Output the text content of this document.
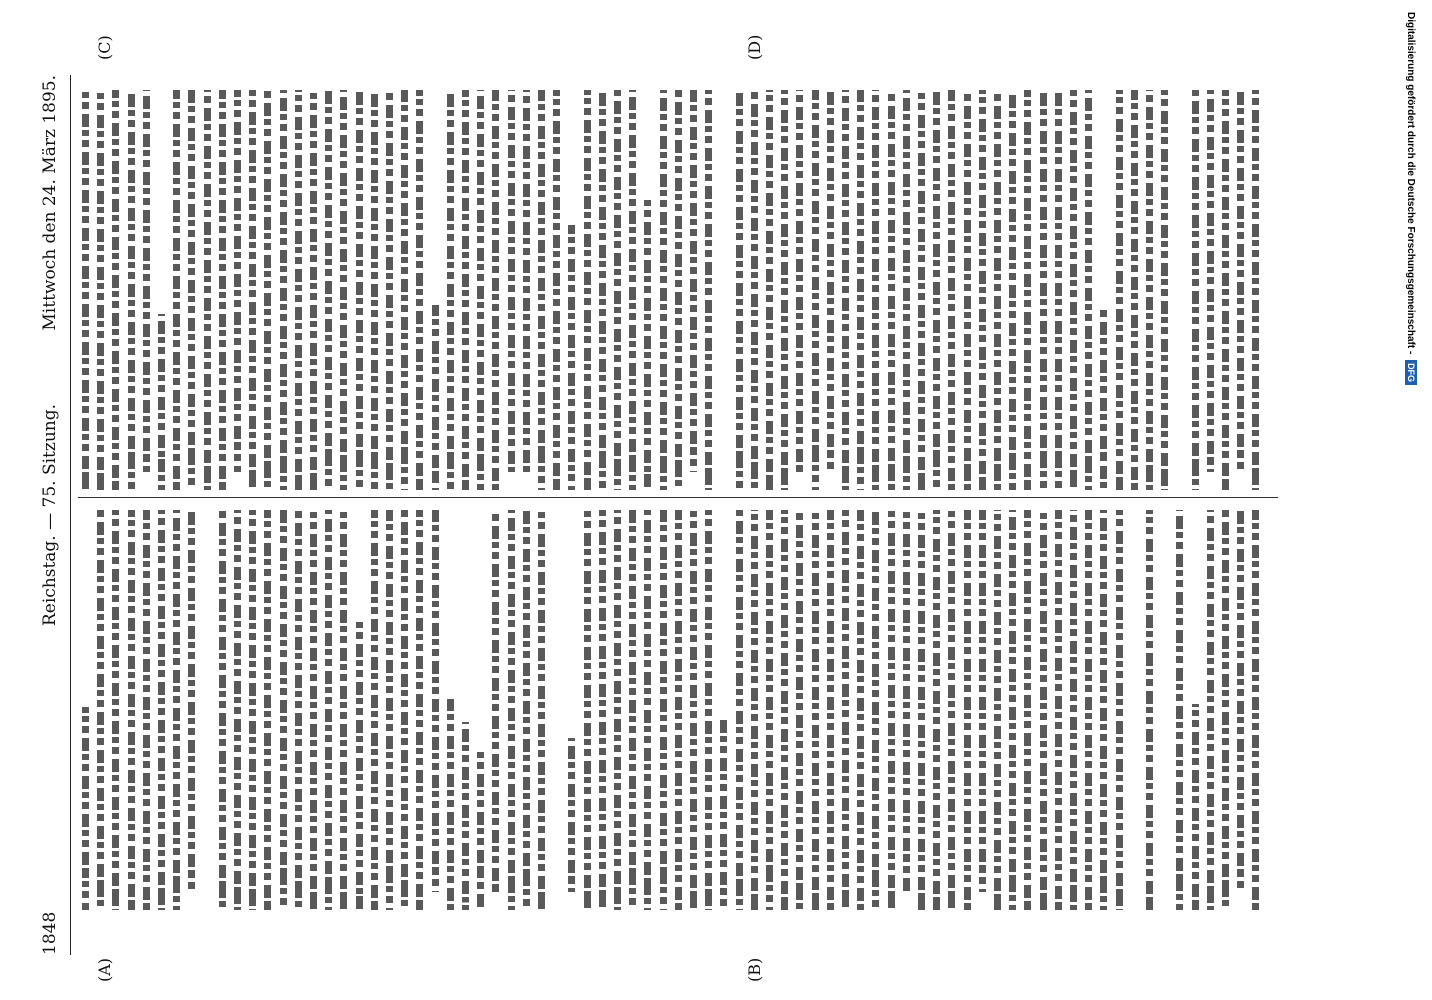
1848
Reichstag. — 75. Sitzung.
Mittwoch den 24. März 1895.
(A)	(B)
(C)	(D)	Digitalisierung gefördert durch die Deutsche Forschungsgemeinschaft - DFG
